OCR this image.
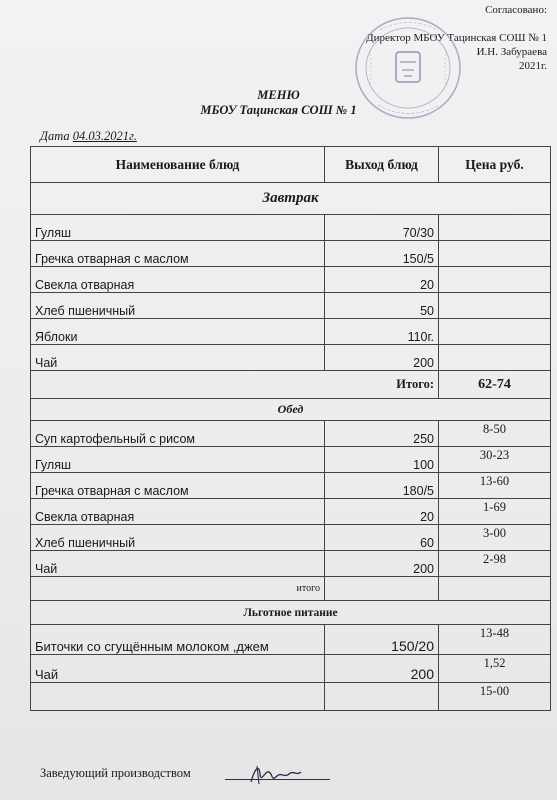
Согласовано:
Директор МБОУ Тацинская СОШ № 1
И.Н. Забураева
2021г.
МЕНЮ
МБОУ Тацинская СОШ № 1
Дата 04.03.2021г.
Наименование блюд	Выход блюд	Цена руб.
Завтрак		
Гуляш	70/30	
Гречка отварная с маслом	150/5	
Свекла отварная	20	
Хлеб пшеничный	50	
Яблоки	110г.	
Чай	200	
Итого:		62-74
Обед		
Суп картофельный с рисом	250	8-50
Гуляш	100	30-23
Гречка отварная с маслом	180/5	13-60
Свекла отварная	20	1-69
Хлеб пшеничный	60	3-00
Чай	200	2-98
итого		
Льготное питание		
Биточки со сгущённым молоком ,джем	150/20	13-48
Чай	200	1,52
		15-00
Заведующий производством
